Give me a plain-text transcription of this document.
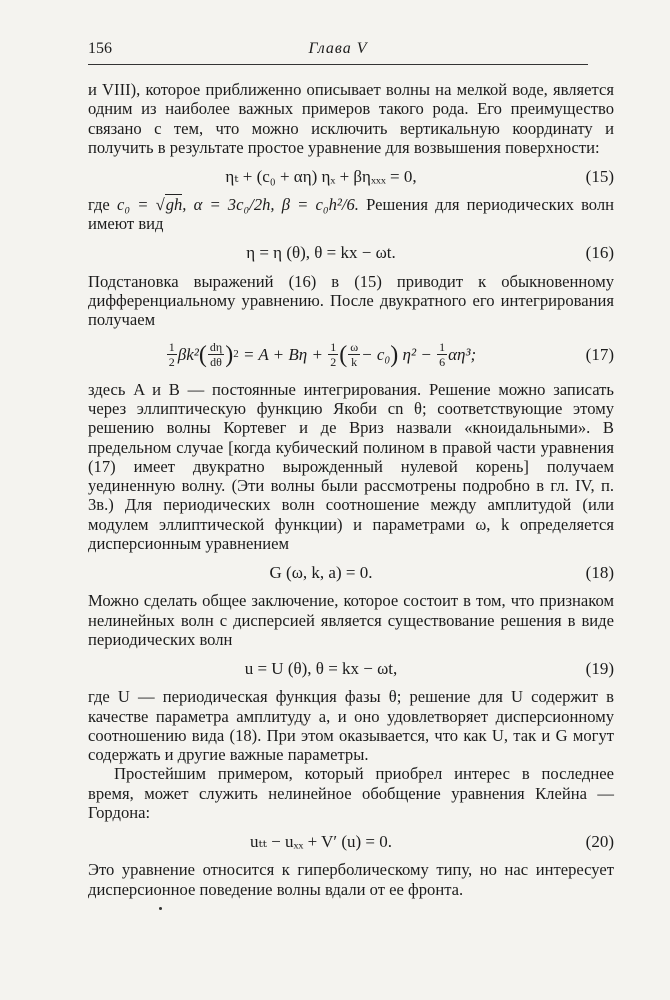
156	Глава V

и VIII), которое приближенно описывает волны на мелкой воде, является одним из наиболее важных примеров такого рода. Его преимущество связано с тем, что можно исключить вертикальную координату и получить в результате простое уравнение для возвышения поверхности:

ηₜ + (c₀ + αη) ηₓ + βηₓₓₓ = 0,	(15)

где c₀ = √gh, α = 3c₀/2h, β = c₀h²/6. Решения для периодических волн имеют вид

η = η (θ), θ = kx − ωt.	(16)

Подстановка выражений (16) в (15) приводит к обыкновенному дифференциальному уравнению. После двукратного его интегрирования получаем

1
2 βk² ( dη
dθ ) 2
= A + Bη +
$\frac{1}{2}$ ( ω
k − c₀ )
η² −
$\frac{1}{6} \alpha\eta^3$;	(17)

здесь A и B — постоянные интегрирования. Решение можно записать через эллиптическую функцию Якоби сn θ; соответствующие этому решению волны Кортевег и де Вриз назвали «кноидальными». В предельном случае [когда кубический полином в правой части уравнения (17) имеет двукратно вырожденный нулевой корень] получаем уединенную волну. (Эти волны были рассмотрены подробно в гл. IV, п. 3в.) Для периодических волн соотношение между амплитудой (или модулем эллиптической функции) и параметрами ω, k определяется дисперсионным уравнением

G (ω, k, a) = 0.	(18)

Можно сделать общее заключение, которое состоит в том, что признаком нелинейных волн с дисперсией является существование решения в виде периодических волн

u = U (θ), θ = kx − ωt,	(19)

где U — периодическая функция фазы θ; решение для U содержит в качестве параметра амплитуду a, и оно удовлетворяет дисперсионному соотношению вида (18). При этом оказывается, что как U, так и G могут содержать и другие важные параметры.

Простейшим примером, который приобрел интерес в последнее время, может служить нелинейное обобщение уравнения Клейна — Гордона:

uₜₜ − uₓₓ + V′ (u) = 0.	(20)

Это уравнение относится к гиперболическому типу, но нас интересует дисперсионное поведение волны вдали от ее фронта.
